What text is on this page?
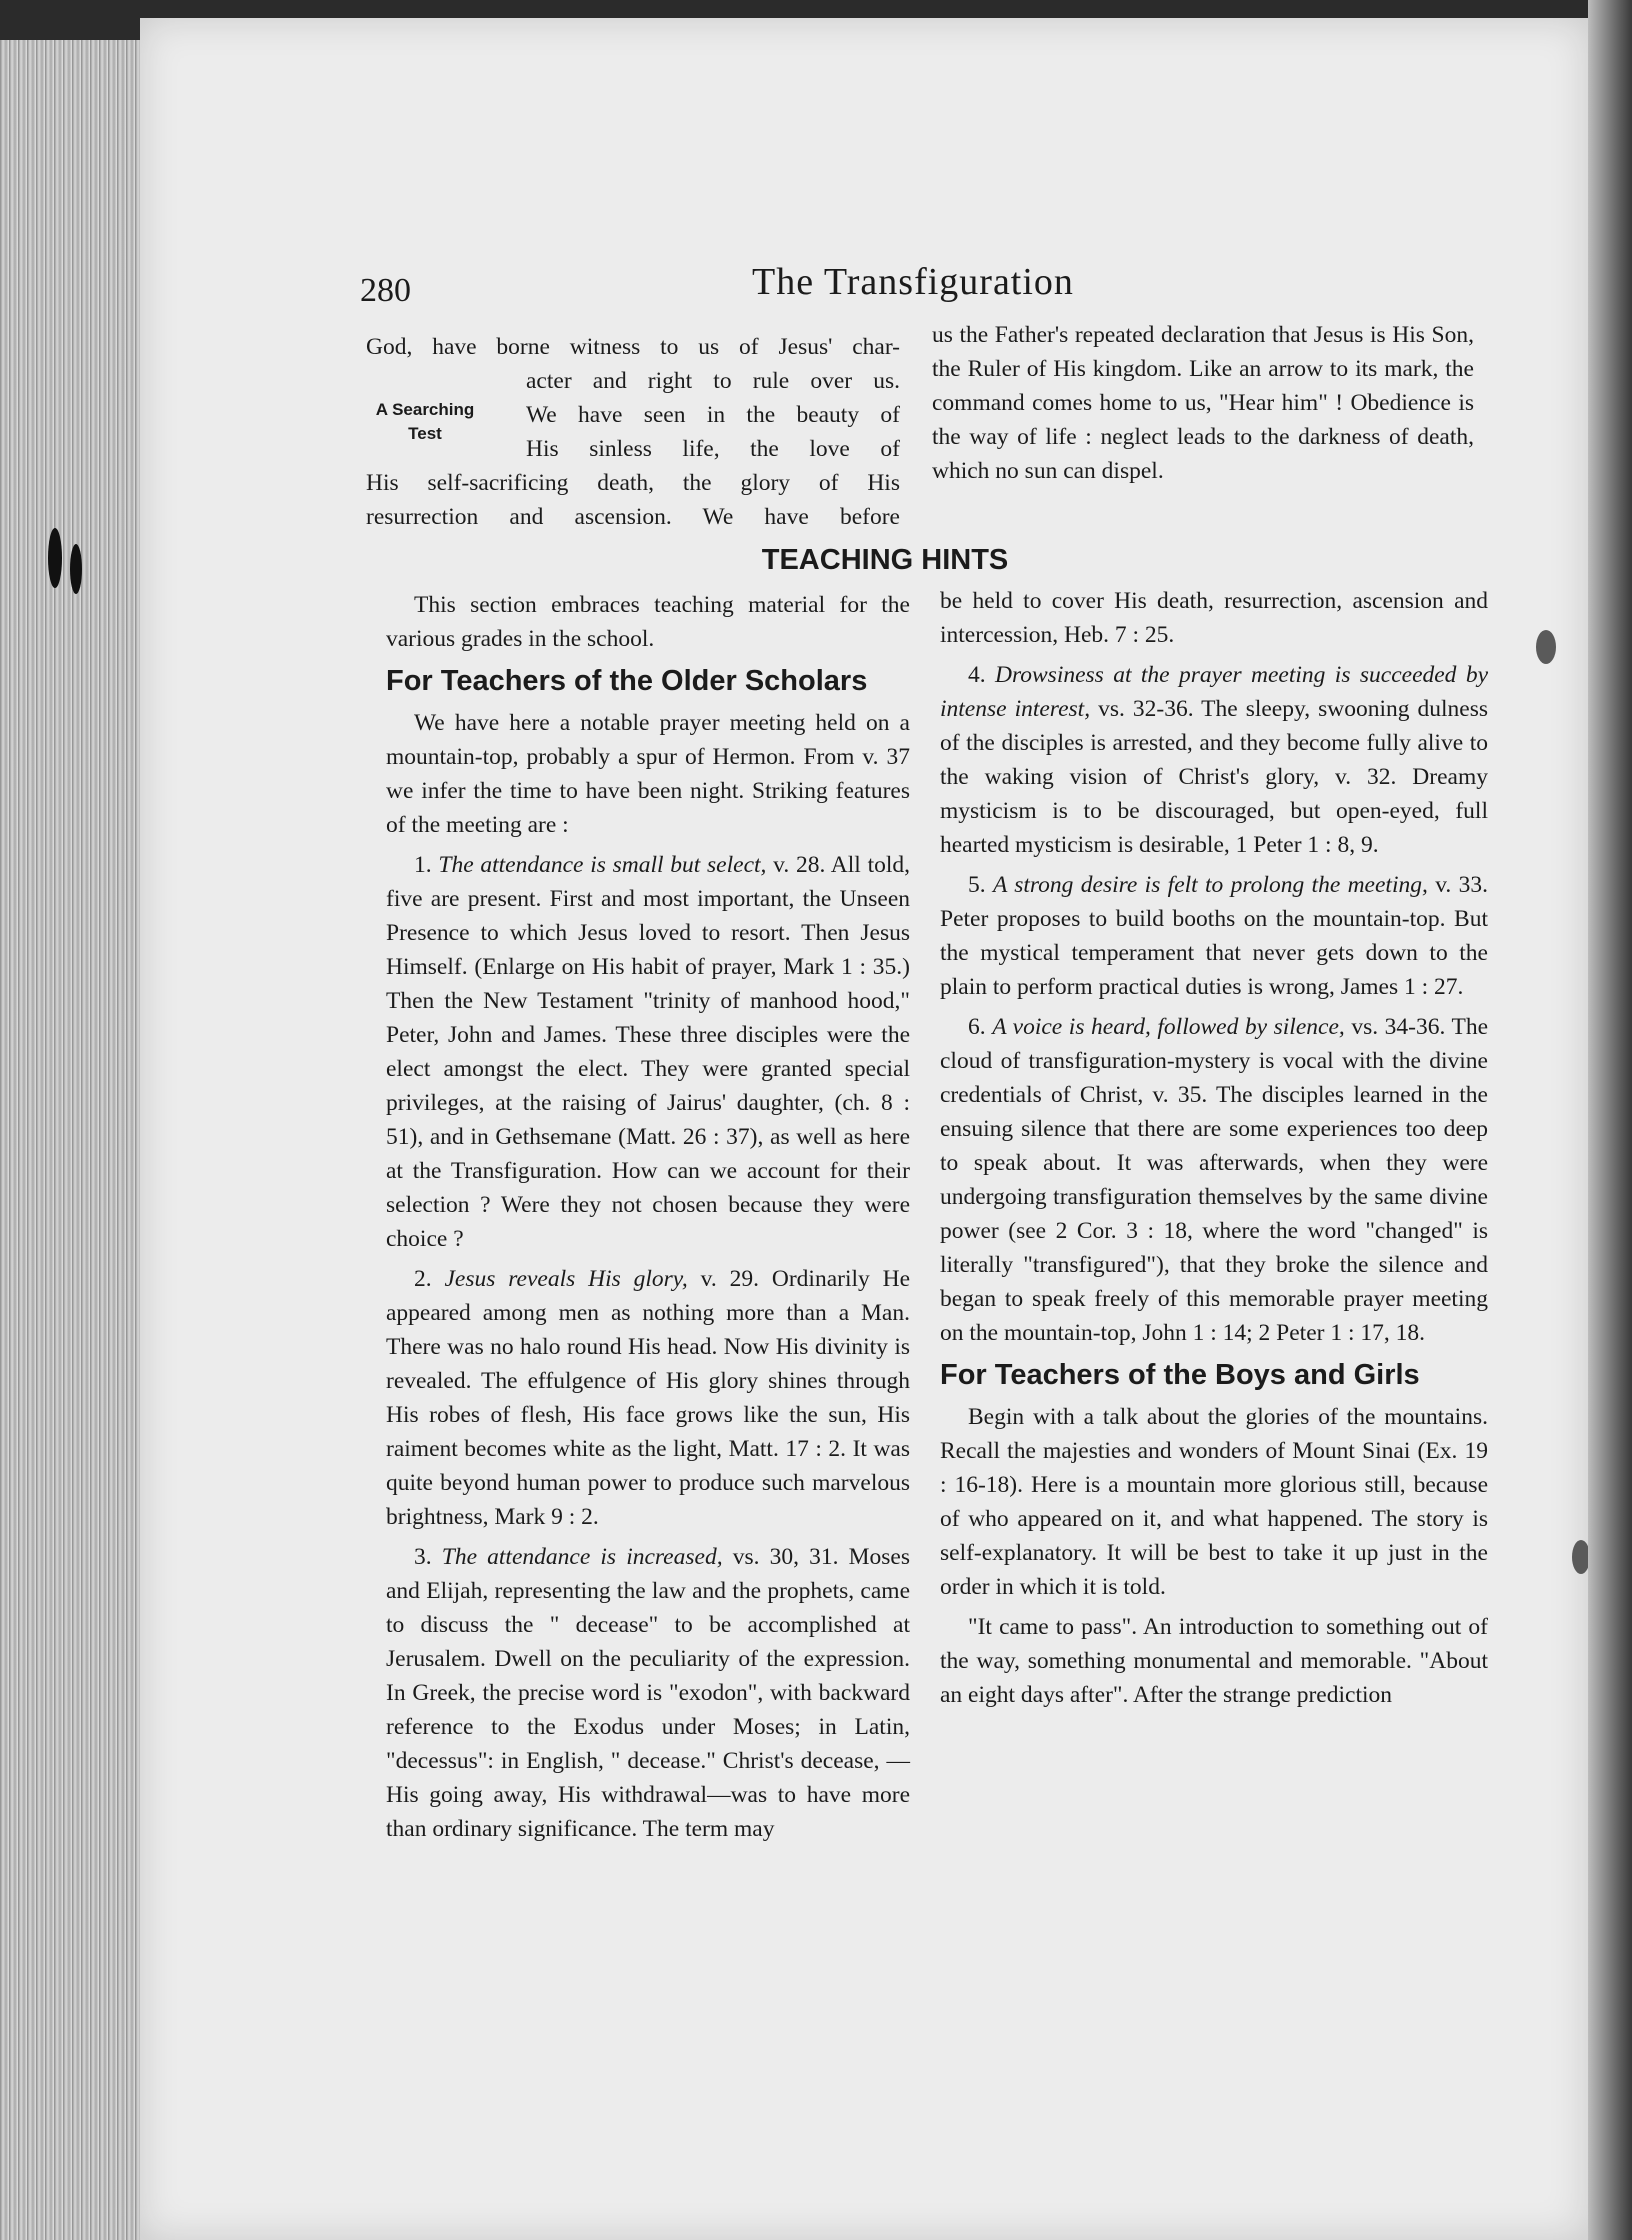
280	The Transfiguration
A Searching
Test
God, have borne witness to us of Jesus' char-
acter and right to rule over us.
We have seen in the beauty of
His sinless life, the love of
His self-sacrificing death, the glory of His
resurrection and ascension. We have before

us the Father's repeated declaration that Jesus is His Son, the Ruler of His kingdom. Like an arrow to its mark, the command comes home to us, "Hear him" ! Obedience is the way of life : neglect leads to the darkness of death, which no sun can dispel.

TEACHING HINTS

This section embraces teaching material for the various grades in the school.

For Teachers of the Older Scholars

We have here a notable prayer meeting held on a mountain-top, probably a spur of Hermon. From v. 37 we infer the time to have been night. Striking features of the meeting are :

1. The attendance is small but select, v. 28. All told, five are present. First and most important, the Unseen Presence to which Jesus loved to resort. Then Jesus Himself. (Enlarge on His habit of prayer, Mark 1 : 35.) Then the New Testament "trinity of manhood hood," Peter, John and James. These three disciples were the elect amongst the elect. They were granted special privileges, at the raising of Jairus' daughter, (ch. 8 : 51), and in Gethsemane (Matt. 26 : 37), as well as here at the Transfiguration. How can we account for their selection ? Were they not chosen because they were choice ?

2. Jesus reveals His glory, v. 29. Ordinarily He appeared among men as nothing more than a Man. There was no halo round His head. Now His divinity is revealed. The effulgence of His glory shines through His robes of flesh, His face grows like the sun, His raiment becomes white as the light, Matt. 17 : 2. It was quite beyond human power to produce such marvelous brightness, Mark 9 : 2.

3. The attendance is increased, vs. 30, 31. Moses and Elijah, representing the law and the prophets, came to discuss the " decease" to be accomplished at Jerusalem. Dwell on the peculiarity of the expression. In Greek, the precise word is "exodon", with backward reference to the Exodus under Moses; in Latin, "decessus": in English, " decease." Christ's decease, — His going away, His withdrawal—was to have more than ordinary significance. The term may

be held to cover His death, resurrection, ascension and intercession, Heb. 7 : 25.

4. Drowsiness at the prayer meeting is succeeded by intense interest, vs. 32-36. The sleepy, swooning dulness of the disciples is arrested, and they become fully alive to the waking vision of Christ's glory, v. 32. Dreamy mysticism is to be discouraged, but open-eyed, full hearted mysticism is desirable, 1 Peter 1 : 8, 9.

5. A strong desire is felt to prolong the meeting, v. 33. Peter proposes to build booths on the mountain-top. But the mystical temperament that never gets down to the plain to perform practical duties is wrong, James 1 : 27.

6. A voice is heard, followed by silence, vs. 34-36. The cloud of transfiguration-mystery is vocal with the divine credentials of Christ, v. 35. The disciples learned in the ensuing silence that there are some experiences too deep to speak about. It was afterwards, when they were undergoing transfiguration themselves by the same divine power (see 2 Cor. 3 : 18, where the word "changed" is literally "transfigured"), that they broke the silence and began to speak freely of this memorable prayer meeting on the mountain-top, John 1 : 14; 2 Peter 1 : 17, 18.

For Teachers of the Boys and Girls

Begin with a talk about the glories of the mountains. Recall the majesties and wonders of Mount Sinai (Ex. 19 : 16-18). Here is a mountain more glorious still, because of who appeared on it, and what happened. The story is self-explanatory. It will be best to take it up just in the order in which it is told.

"It came to pass". An introduction to something out of the way, something monumental and memorable. "About an eight days after". After the strange prediction
